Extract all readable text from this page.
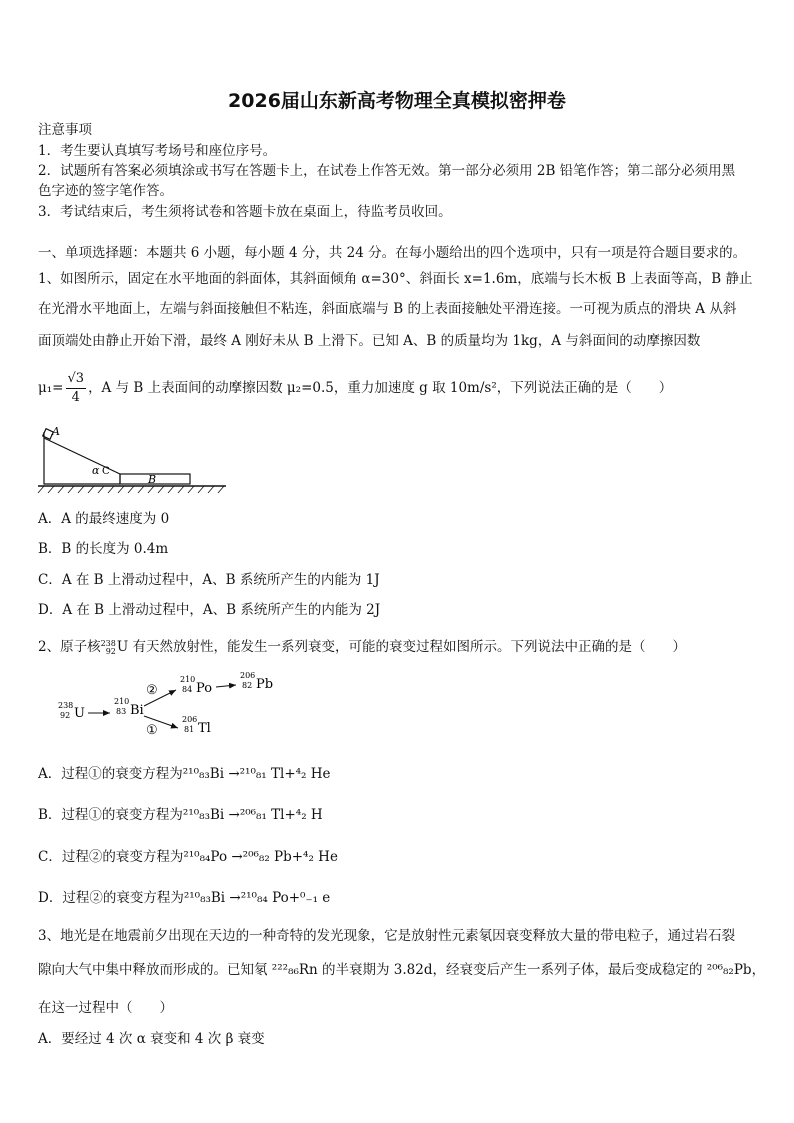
2026届山东新高考物理全真模拟密押卷
注意事项
1．考生要认真填写考场号和座位序号。
2．试题所有答案必须填涂或书写在答题卡上，在试卷上作答无效。第一部分必须用 2B 铅笔作答；第二部分必须用黑
色字迹的签字笔作答。
3．考试结束后，考生须将试卷和答题卡放在桌面上，待监考员收回。
一、单项选择题：本题共 6 小题，每小题 4 分，共 24 分。在每小题给出的四个选项中，只有一项是符合题目要求的。
1、如图所示，固定在水平地面的斜面体，其斜面倾角 α=30°、斜面长 x=1.6m，底端与长木板 B 上表面等高，B 静止
在光滑水平地面上，左端与斜面接触但不粘连，斜面底端与 B 的上表面接触处平滑连接。一可视为质点的滑块 A 从斜
面顶端处由静止开始下滑，最终 A 刚好未从 B 上滑下。已知 A、B 的质量均为 1kg，A 与斜面间的动摩擦因数
$\mu_1= \frac{√3}{4}$ ，A 与 B 上表面间的动摩擦因数 μ₂=0.5，重力加速度 g 取 10m/s²，下列说法正确的是（　　）
A
α C
B
A．A 的最终速度为 0
B．B 的长度为 0.4m
C．A 在 B 上滑动过程中，A、B 系统所产生的内能为 1J
D．A 在 B 上滑动过程中，A、B 系统所产生的内能为 2J
2、原子核 238
92 U 有天然放射性，能发生一系列衰变，可能的衰变过程如图所示。下列说法中正确的是（　　）
238
92 U
210
83 Bi
210
84 Po
206
82 Pb
206
81 Tl
②
①
A．过程①的衰变方程为²¹⁰₈₃Bi →²¹⁰₈₁ Tl+⁴₂ He
B．过程①的衰变方程为²¹⁰₈₃Bi →²⁰⁶₈₁ Tl+⁴₂ H
C．过程②的衰变方程为²¹⁰₈₄Po →²⁰⁶₈₂ Pb+⁴₂ He
D．过程②的衰变方程为²¹⁰₈₃Bi →²¹⁰₈₄ Po+⁰₋₁ e
3、地光是在地震前夕出现在天边的一种奇特的发光现象，它是放射性元素氡因衰变释放大量的带电粒子，通过岩石裂
隙向大气中集中释放而形成的。已知氡 ²²²₈₆Rn 的半衰期为 3.82d，经衰变后产生一系列子体，最后变成稳定的 ²⁰⁶₈₂Pb，
在这一过程中（　　）
A．要经过 4 次 α 衰变和 4 次 β 衰变
